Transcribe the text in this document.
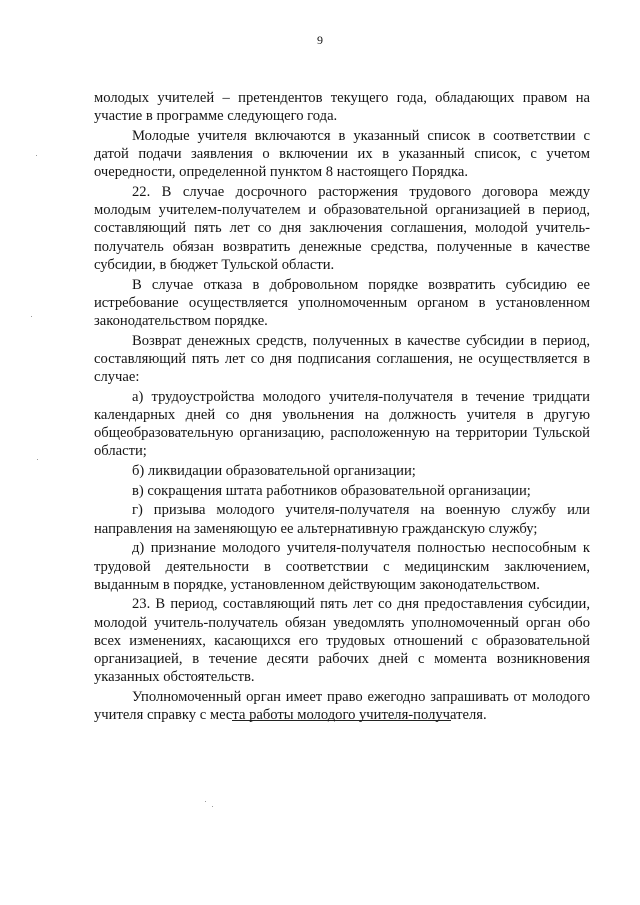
9

молодых учителей – претендентов текущего года, обладающих правом на участие в программе следующего года.

Молодые учителя включаются в указанный список в соответствии с датой подачи заявления о включении их в указанный список, с учетом очередности, определенной пунктом 8 настоящего Порядка.

22. В случае досрочного расторжения трудового договора между молодым учителем-получателем и образовательной организацией в период, составляющий пять лет со дня заключения соглашения, молодой учитель-получатель обязан возвратить денежные средства, полученные в качестве субсидии, в бюджет Тульской области.

В случае отказа в добровольном порядке возвратить субсидию ее истребование осуществляется уполномоченным органом в установленном законодательством порядке.

Возврат денежных средств, полученных в качестве субсидии в период, составляющий пять лет со дня подписания соглашения, не осуществляется в случае:

а) трудоустройства молодого учителя-получателя в течение тридцати календарных дней со дня увольнения на должность учителя в другую общеобразовательную организацию, расположенную на территории Тульской области;

б) ликвидации образовательной организации;

в) сокращения штата работников образовательной организации;

г) призыва молодого учителя-получателя на военную службу или направления на заменяющую ее альтернативную гражданскую службу;

д) признание молодого учителя-получателя полностью неспособным к трудовой деятельности в соответствии с медицинским заключением, выданным в порядке, установленном действующим законодательством.

23. В период, составляющий пять лет со дня предоставления субсидии, молодой учитель-получатель обязан уведомлять уполномоченный орган обо всех изменениях, касающихся его трудовых отношений с образовательной организацией, в течение десяти рабочих дней с момента возникновения указанных обстоятельств.

Уполномоченный орган имеет право ежегодно запрашивать от молодого учителя справку с места работы молодого учителя-получателя.
